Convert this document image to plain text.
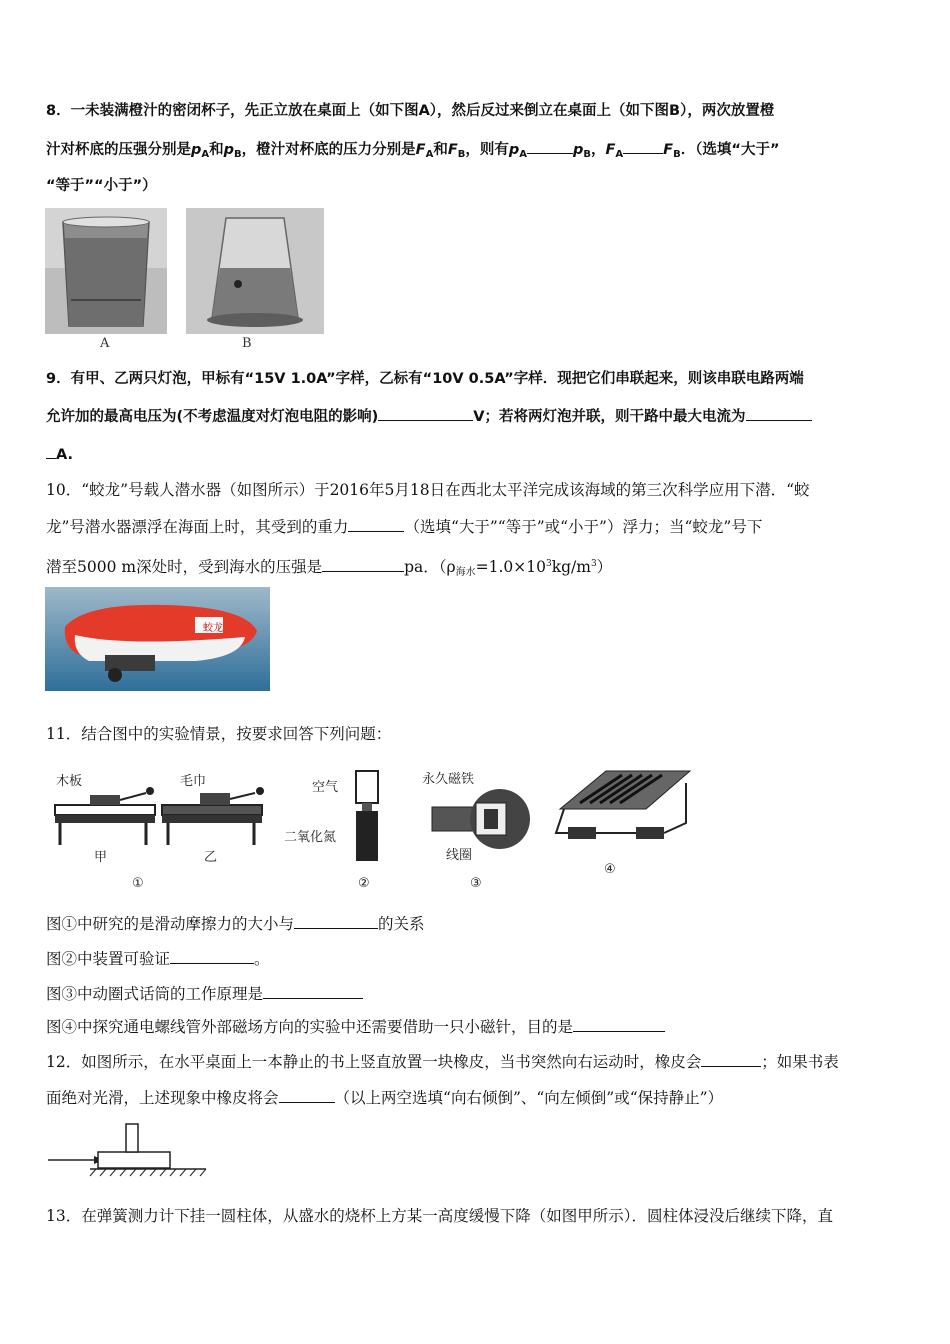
8．一未装满橙汁的密闭杯子，先正立放在桌面上（如下图A），然后反过来倒立在桌面上（如下图B），两次放置橙
汁对杯底的压强分别是$p_A$和$p_B$，橙汁对杯底的压力分别是$F_A$和$F_B$，则有$p_A$	$p_B$，$F_A$	$F_B$．（选填“大于”
“等于”“小于”）
A	B
9．有甲、乙两只灯泡，甲标有“15V 1.0A”字样，乙标有“10V 0.5A”字样．现把它们串联起来，则该串联电路两端
允许加的最高电压为(不考虑温度对灯泡电阻的影响)	V；若将两灯泡并联，则干路中最大电流为
A.
10．“蛟龙”号载人潜水器（如图所示）于2016年5月18日在西北太平洋完成该海域的第三次科学应用下潜．“蛟
龙”号潜水器漂浮在海面上时，其受到的重力	（选填“大于”“等于”或“小于”）浮力；当“蛟龙”号下
潜至5000 m深处时，受到海水的压强是	pa．$(\rho_{海水}=1.0\times 10^3kg/m^3)$
蛟龙
11．结合图中的实验情景，按要求回答下列问题：
木板	毛巾
甲	乙
①
空气
二氧化氮
②
永久磁铁
线圈
③
④
图①中研究的是滑动摩擦力的大小与	的关系
图②中装置可验证	。
图③中动圈式话筒的工作原理是
图④中探究通电螺线管外部磁场方向的实验中还需要借助一只小磁针，目的是
12．如图所示，在水平桌面上一本静止的书上竖直放置一块橡皮，当书突然向右运动时，橡皮会	；如果书表
面绝对光滑，上述现象中橡皮将会	（以上两空选填“向右倾倒”、“向左倾倒”或“保持静止”）
13．在弹簧测力计下挂一圆柱体，从盛水的烧杯上方某一高度缓慢下降（如图甲所示）．圆柱体浸没后继续下降，直
